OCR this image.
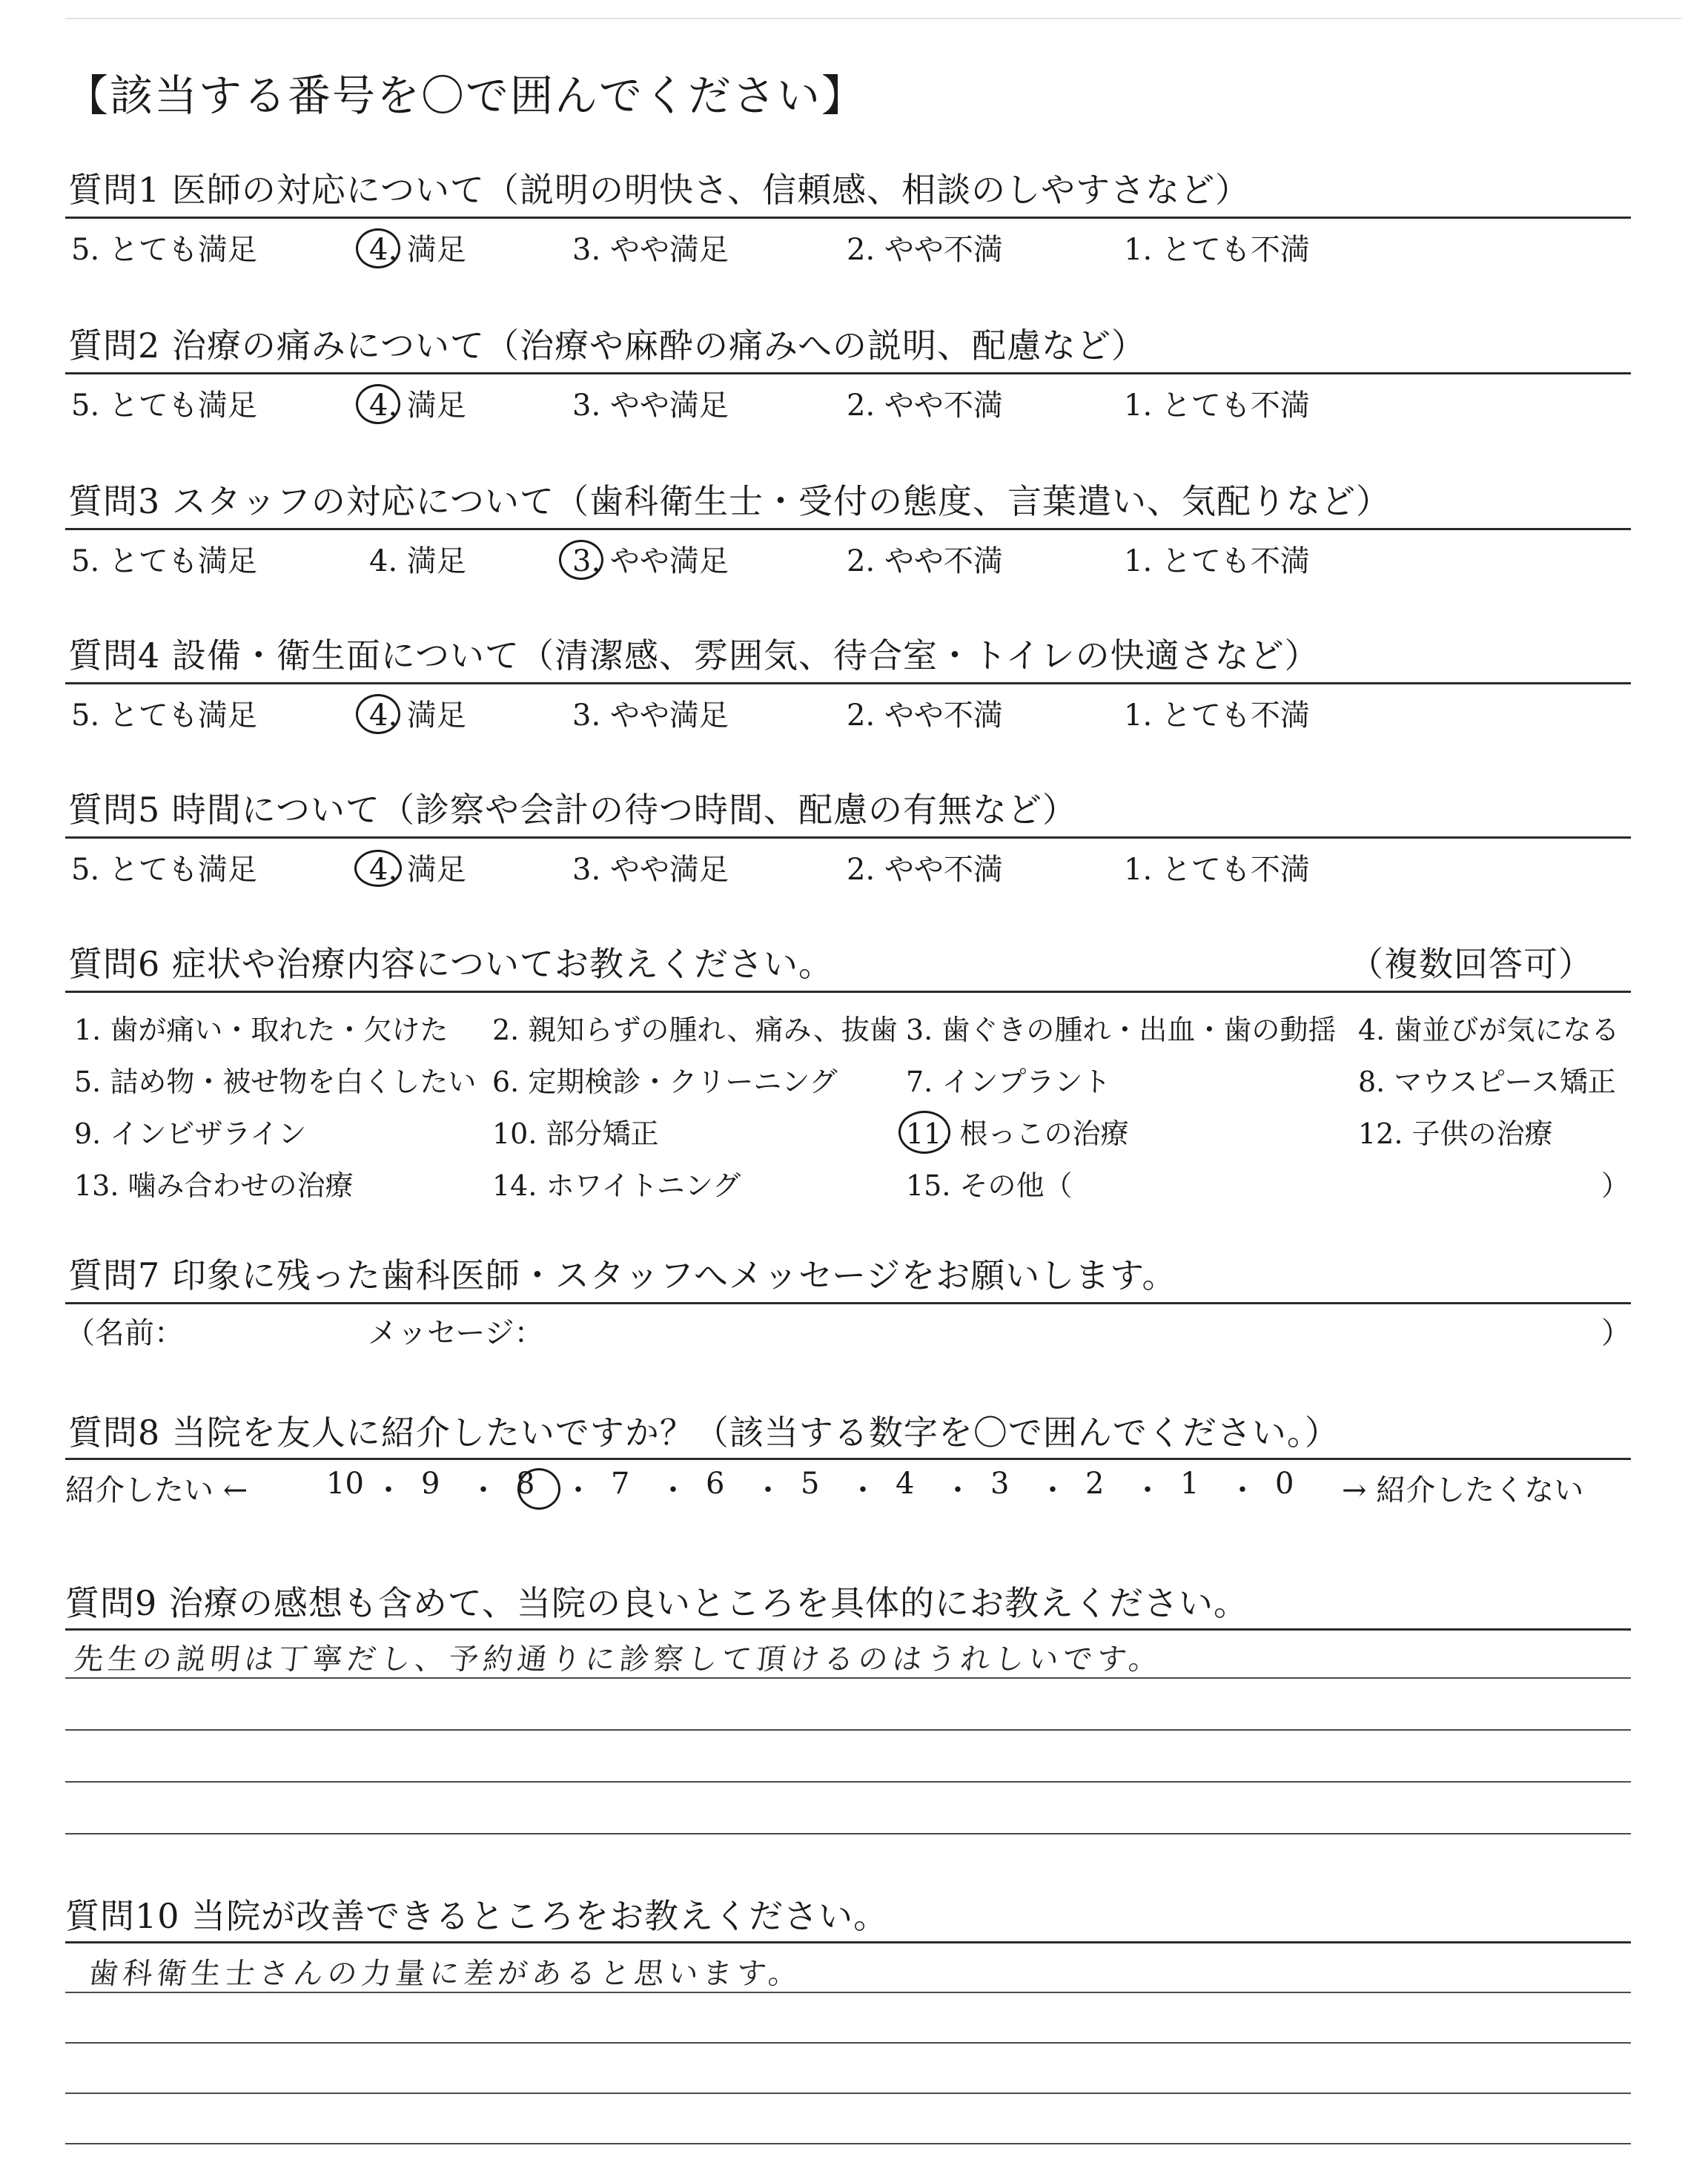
【該当する番号を〇で囲んでください】
質問1 医師の対応について（説明の明快さ、信頼感、相談のしやすさなど）
5. とても満足	4. 満足	3. やや満足	2. やや不満	1. とても不満
質問2 治療の痛みについて（治療や麻酔の痛みへの説明、配慮など）
5. とても満足	4. 満足	3. やや満足	2. やや不満	1. とても不満
質問3 スタッフの対応について（歯科衛生士・受付の態度、言葉遣い、気配りなど）
5. とても満足	4. 満足	3. やや満足	2. やや不満	1. とても不満
質問4 設備・衛生面について（清潔感、雰囲気、待合室・トイレの快適さなど）
5. とても満足	4. 満足	3. やや満足	2. やや不満	1. とても不満
質問5 時間について（診察や会計の待つ時間、配慮の有無など）
5. とても満足	4. 満足	3. やや満足	2. やや不満	1. とても不満
質問6 症状や治療内容についてお教えください。	（複数回答可）
1. 歯が痛い・取れた・欠けた 2. 親知らずの腫れ、痛み、抜歯 3. 歯ぐきの腫れ・出血・歯の動揺 4. 歯並びが気になる
5. 詰め物・被せ物を白くしたい 6. 定期検診・クリーニング 7. インプラント	8. マウスピース矯正
9. インビザライン	10. 部分矯正	11. 根っこの治療	12. 子供の治療
13. 噛み合わせの治療	14. ホワイトニング	15. その他（	）
質問7 印象に残った歯科医師・スタッフへメッセージをお願いします。
（名前：	メッセージ：	）
質問8 当院を友人に紹介したいですか？（該当する数字を〇で囲んでください。）
紹介したい ←	10 ・ 9 ・ 8 ・ 7 ・ 6 ・ 5 ・ 4 ・ 3 ・ 2 ・ 1 ・ 0 → 紹介したくない
質問9 治療の感想も含めて、当院の良いところを具体的にお教えください。
先生の説明は丁寧だし、予約通りに診察して頂けるのはうれしいです。
質問10 当院が改善できるところをお教えください。
歯科衛生士さんの力量に差があると思います。
